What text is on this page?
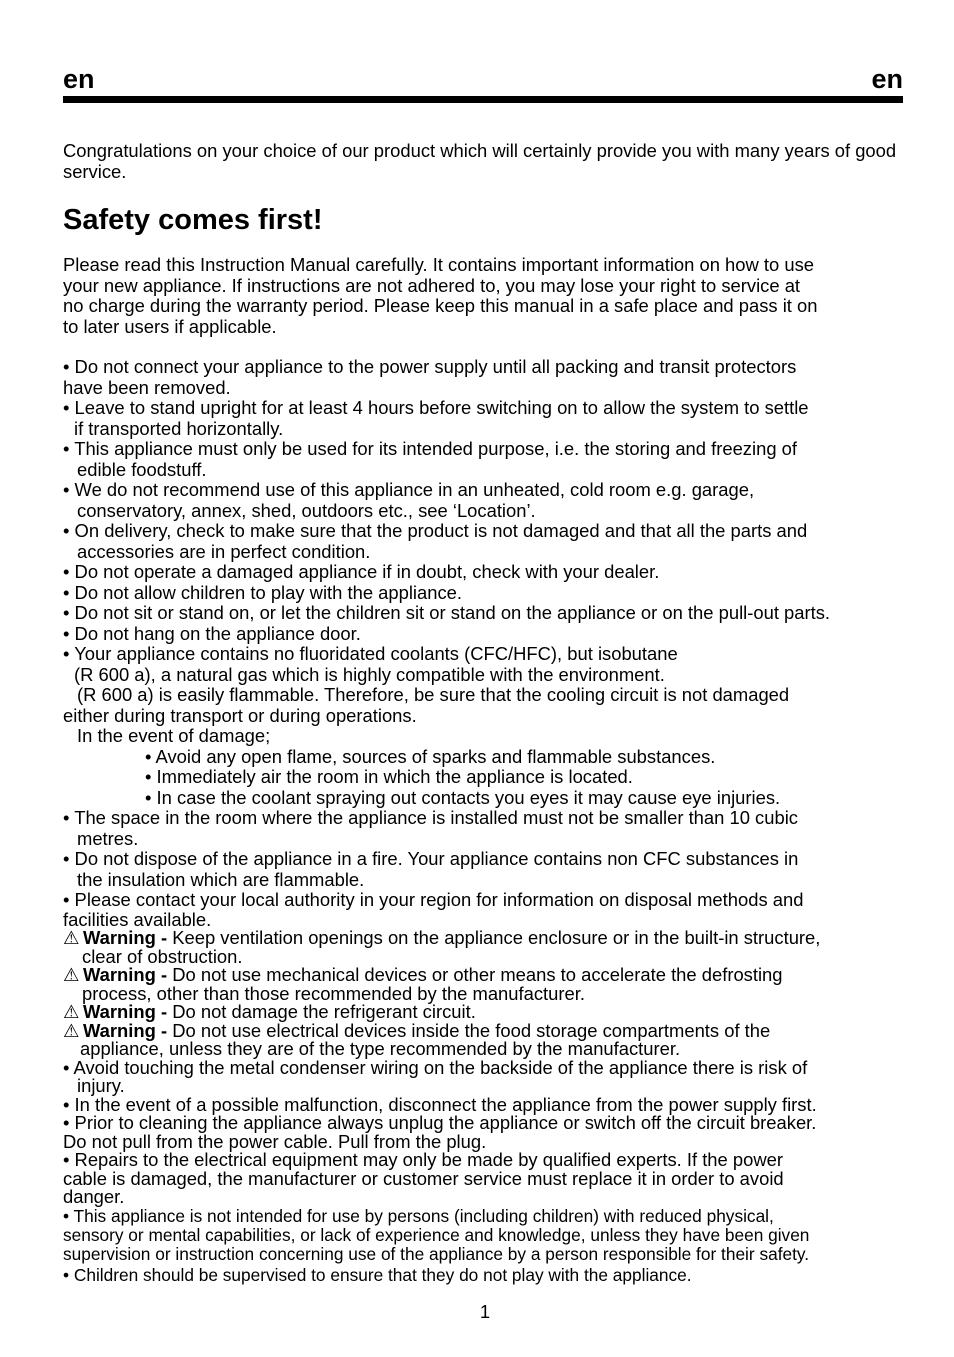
en	en

Congratulations on your choice of our product which will certainly provide you with many years of good service.

Safety comes first!
Please read this Instruction Manual carefully. It contains important information on how to use
your new appliance. If instructions are not adhered to, you may lose your right to service at
no charge during the warranty period. Please keep this manual in a safe place and pass it on
to later users if applicable.
• Do not connect your appliance to the power supply until all packing and transit protectors
have been removed.
• Leave to stand upright for at least 4 hours before switching on to allow the system to settle
if transported horizontally.
• This appliance must only be used for its intended purpose, i.e. the storing and freezing of
edible foodstuff.
• We do not recommend use of this appliance in an unheated, cold room e.g. garage,
conservatory, annex, shed, outdoors etc., see ‘Location’.
• On delivery, check to make sure that the product is not damaged and that all the parts and
accessories are in perfect condition.
• Do not operate a damaged appliance if in doubt, check with your dealer.
• Do not allow children to play with the appliance.
• Do not sit or stand on, or let the children sit or stand on the appliance or on the pull-out parts.
• Do not hang on the appliance door.
• Your appliance contains no fluoridated coolants (CFC/HFC), but isobutane
(R 600 a), a natural gas which is highly compatible with the environment.
(R 600 a) is easily flammable. Therefore, be sure that the cooling circuit is not damaged
either during transport or during operations.
In the event of damage;
• Avoid any open flame, sources of sparks and flammable substances.
• Immediately air the room in which the appliance is located.
• In case the coolant spraying out contacts you eyes it may cause eye injuries.
• The space in the room where the appliance is installed must not be smaller than 10 cubic
metres.
• Do not dispose of the appliance in a fire. Your appliance contains non CFC substances in
the insulation which are flammable.
• Please contact your local authority in your region for information on disposal methods and
facilities available.
⚠ Warning - Keep ventilation openings on the appliance enclosure or in the built-in structure,
clear of obstruction.
⚠ Warning - Do not use mechanical devices or other means to accelerate the defrosting
process, other than those recommended by the manufacturer.
⚠ Warning - Do not damage the refrigerant circuit.
⚠ Warning - Do not use electrical devices inside the food storage compartments of the
appliance, unless they are of the type recommended by the manufacturer.
• Avoid touching the metal condenser wiring on the backside of the appliance there is risk of
injury.
• In the event of a possible malfunction, disconnect the appliance from the power supply first.
• Prior to cleaning the appliance always unplug the appliance or switch off the circuit breaker.
Do not pull from the power cable. Pull from the plug.
• Repairs to the electrical equipment may only be made by qualified experts. If the power
cable is damaged, the manufacturer or customer service must replace it in order to avoid
danger.
• This appliance is not intended for use by persons (including children) with reduced physical,
sensory or mental capabilities, or lack of experience and knowledge, unless they have been given
supervision or instruction concerning use of the appliance by a person responsible for their safety.
• Children should be supervised to ensure that they do not play with the appliance.
1
